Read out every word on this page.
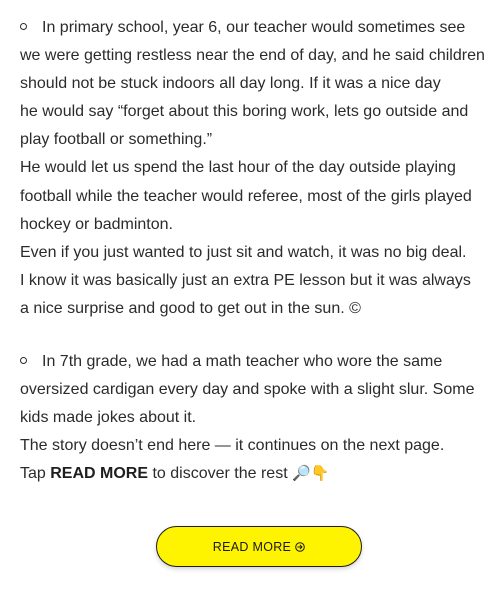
In primary school, year 6, our teacher would sometimes see
we were getting restless near the end of day, and he said children
should not be stuck indoors all day long. If it was a nice day
he would say “forget about this boring work, lets go outside and
play football or something.”
He would let us spend the last hour of the day outside playing
football while the teacher would referee, most of the girls played
hockey or badminton.
Even if you just wanted to just sit and watch, it was no big deal.
I know it was basically just an extra PE lesson but it was always
a nice surprise and good to get out in the sun. ©

In 7th grade, we had a math teacher who wore the same
oversized cardigan every day and spoke with a slight slur. Some
kids made jokes about it.
The story doesn’t end here — it continues on the next page.
Tap READ MORE to discover the rest 🔎👇

READ MORE
